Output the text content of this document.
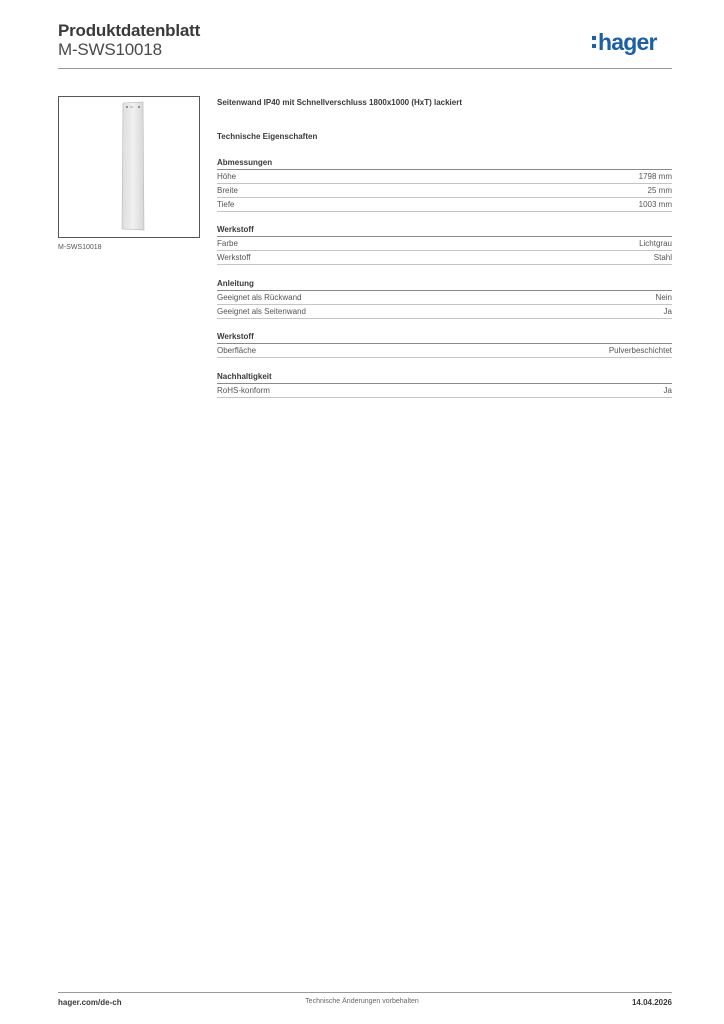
Produktdatenblatt
M-SWS10018	hager
M-SWS10018
Seitenwand IP40 mit Schnellverschluss 1800x1000 (HxT) lackiert
Technische Eigenschaften
Abmessungen
Höhe	1798 mm
Breite	25 mm
Tiefe	1003 mm
Werkstoff
Farbe	Lichtgrau
Werkstoff	Stahl
Anleitung
Geeignet als Rückwand	Nein
Geeignet als Seitenwand	Ja
Werkstoff
Oberfläche	Pulverbeschichtet
Nachhaltigkeit
RoHS-konform	Ja
hager.com/de-ch	Technische Änderungen vorbehalten	14.04.2026
